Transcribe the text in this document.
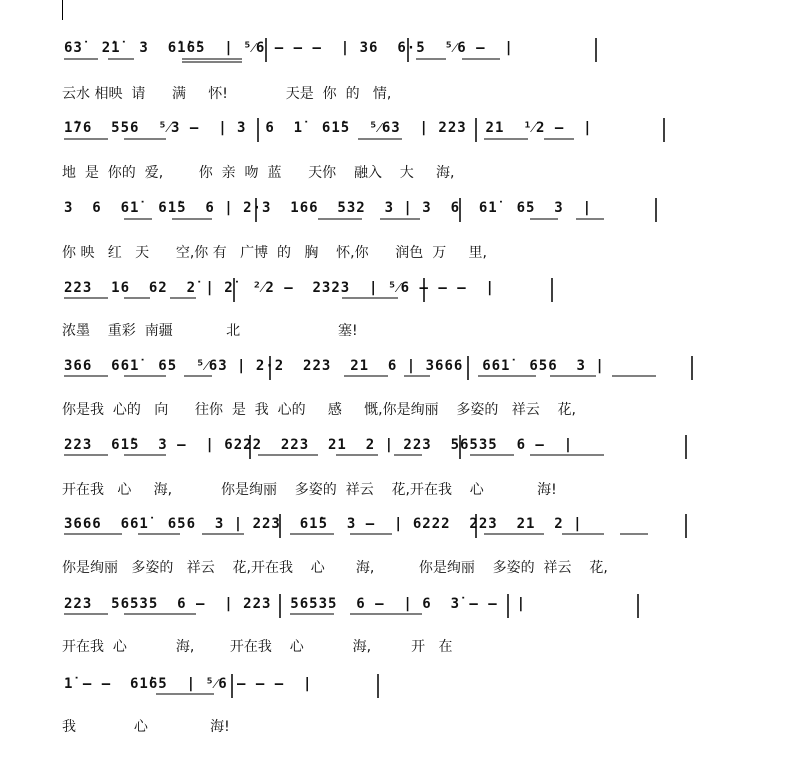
63̇  2̇1̇  3  6̇1̇6̇5  | ⁵⁄6 — — —  | 36  6·5  ⁵⁄6 —  |
云水 相映  请      满     怀!             天是  你  的   情,
1̇76  556  ⁵⁄3 —  | 3  6  1̇  61̇5  ⁵⁄63  | 223  21  ¹⁄2 —  |
地  是  你的  爱,        你  亲  吻  蓝      天你    融入    大     海,
3  6  61̇  61̇5  6 | 2·3  166  532  3 | 3  6  61̇  65  3  |
你 映   红   天      空,你 有   广博  的   胸    怀,你      润色  万     里,
223  16  62  2̇ | 2̇  ²⁄2 —  2323  | ⁵⁄6 — — —  |
浓墨    重彩  南疆            北                      塞!
366  661̇  65  ⁵⁄63 | 2·2  223  21  6 | 3666  661̇  656  3 |
你是我  心的   向      往你  是  我  心的     感     慨,你是绚丽    多姿的   祥云    花,
223  61̇5  3 —  | 6222  223  21  2 | 223  56535  6 —  |
开在我   心     海,           你是绚丽    多姿的  祥云    花,开在我    心            海!
3666  661̇  656  3 | 223  61̇5  3 —  | 6222  223  21  2 |
你是绚丽   多姿的   祥云    花,开在我    心       海,          你是绚丽    多姿的  祥云    花,
223  56535  6 —  | 223  56535  6 —  | 6  3̇ — —  |
开在我  心           海,        开在我    心           海,         开   在
1̇ — —  61̇65  | ⁵⁄6 — — —  |
我             心              海!
